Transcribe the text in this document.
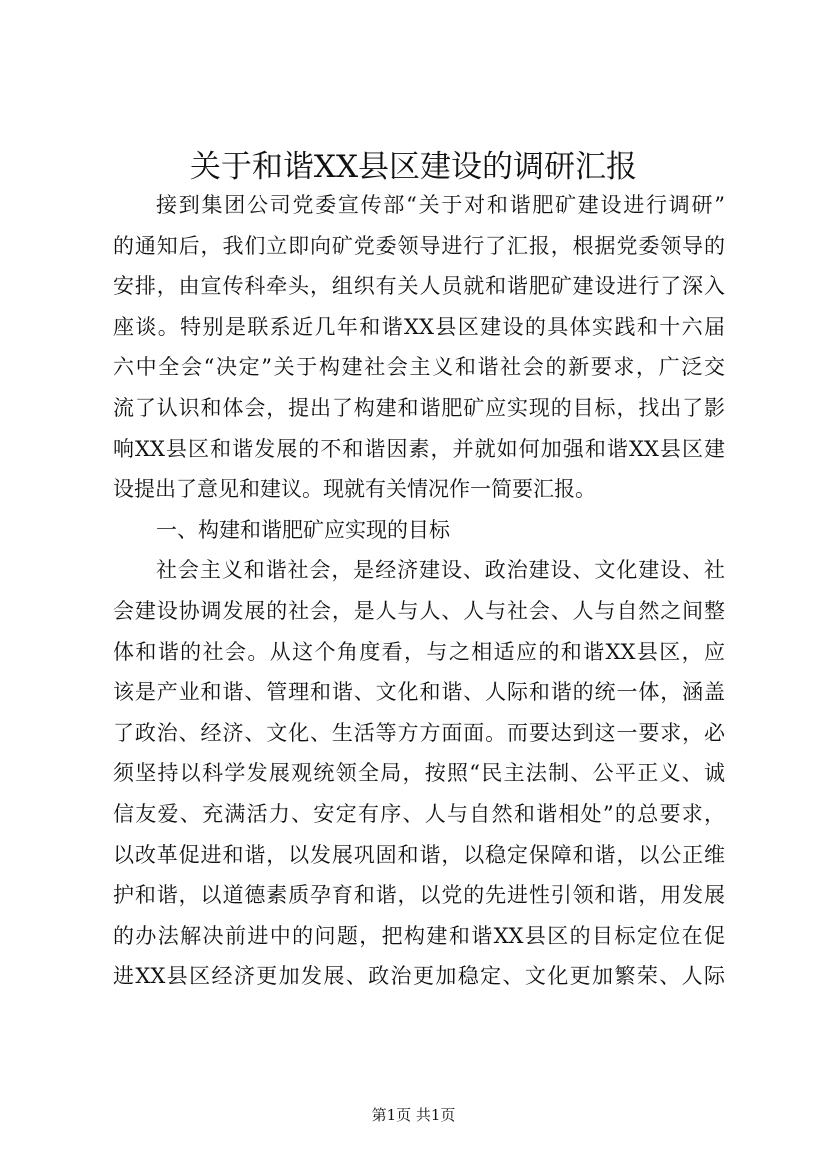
关于和谐XX县区建设的调研汇报
接到集团公司党委宣传部“关于对和谐肥矿建设进行调研”
的通知后，我们立即向矿党委领导进行了汇报，根据党委领导的
安排，由宣传科牵头，组织有关人员就和谐肥矿建设进行了深入
座谈。特别是联系近几年和谐XX县区建设的具体实践和十六届
六中全会“决定”关于构建社会主义和谐社会的新要求，广泛交
流了认识和体会，提出了构建和谐肥矿应实现的目标，找出了影
响XX县区和谐发展的不和谐因素，并就如何加强和谐XX县区建
设提出了意见和建议。现就有关情况作一简要汇报。
一、构建和谐肥矿应实现的目标
社会主义和谐社会，是经济建设、政治建设、文化建设、社
会建设协调发展的社会，是人与人、人与社会、人与自然之间整
体和谐的社会。从这个角度看，与之相适应的和谐XX县区，应
该是产业和谐、管理和谐、文化和谐、人际和谐的统一体，涵盖
了政治、经济、文化、生活等方方面面。而要达到这一要求，必
须坚持以科学发展观统领全局，按照“民主法制、公平正义、诚
信友爱、充满活力、安定有序、人与自然和谐相处”的总要求，
以改革促进和谐，以发展巩固和谐，以稳定保障和谐，以公正维
护和谐，以道德素质孕育和谐，以党的先进性引领和谐，用发展
的办法解决前进中的问题，把构建和谐XX县区的目标定位在促
进XX县区经济更加发展、政治更加稳定、文化更加繁荣、人际
第1页 共1页
